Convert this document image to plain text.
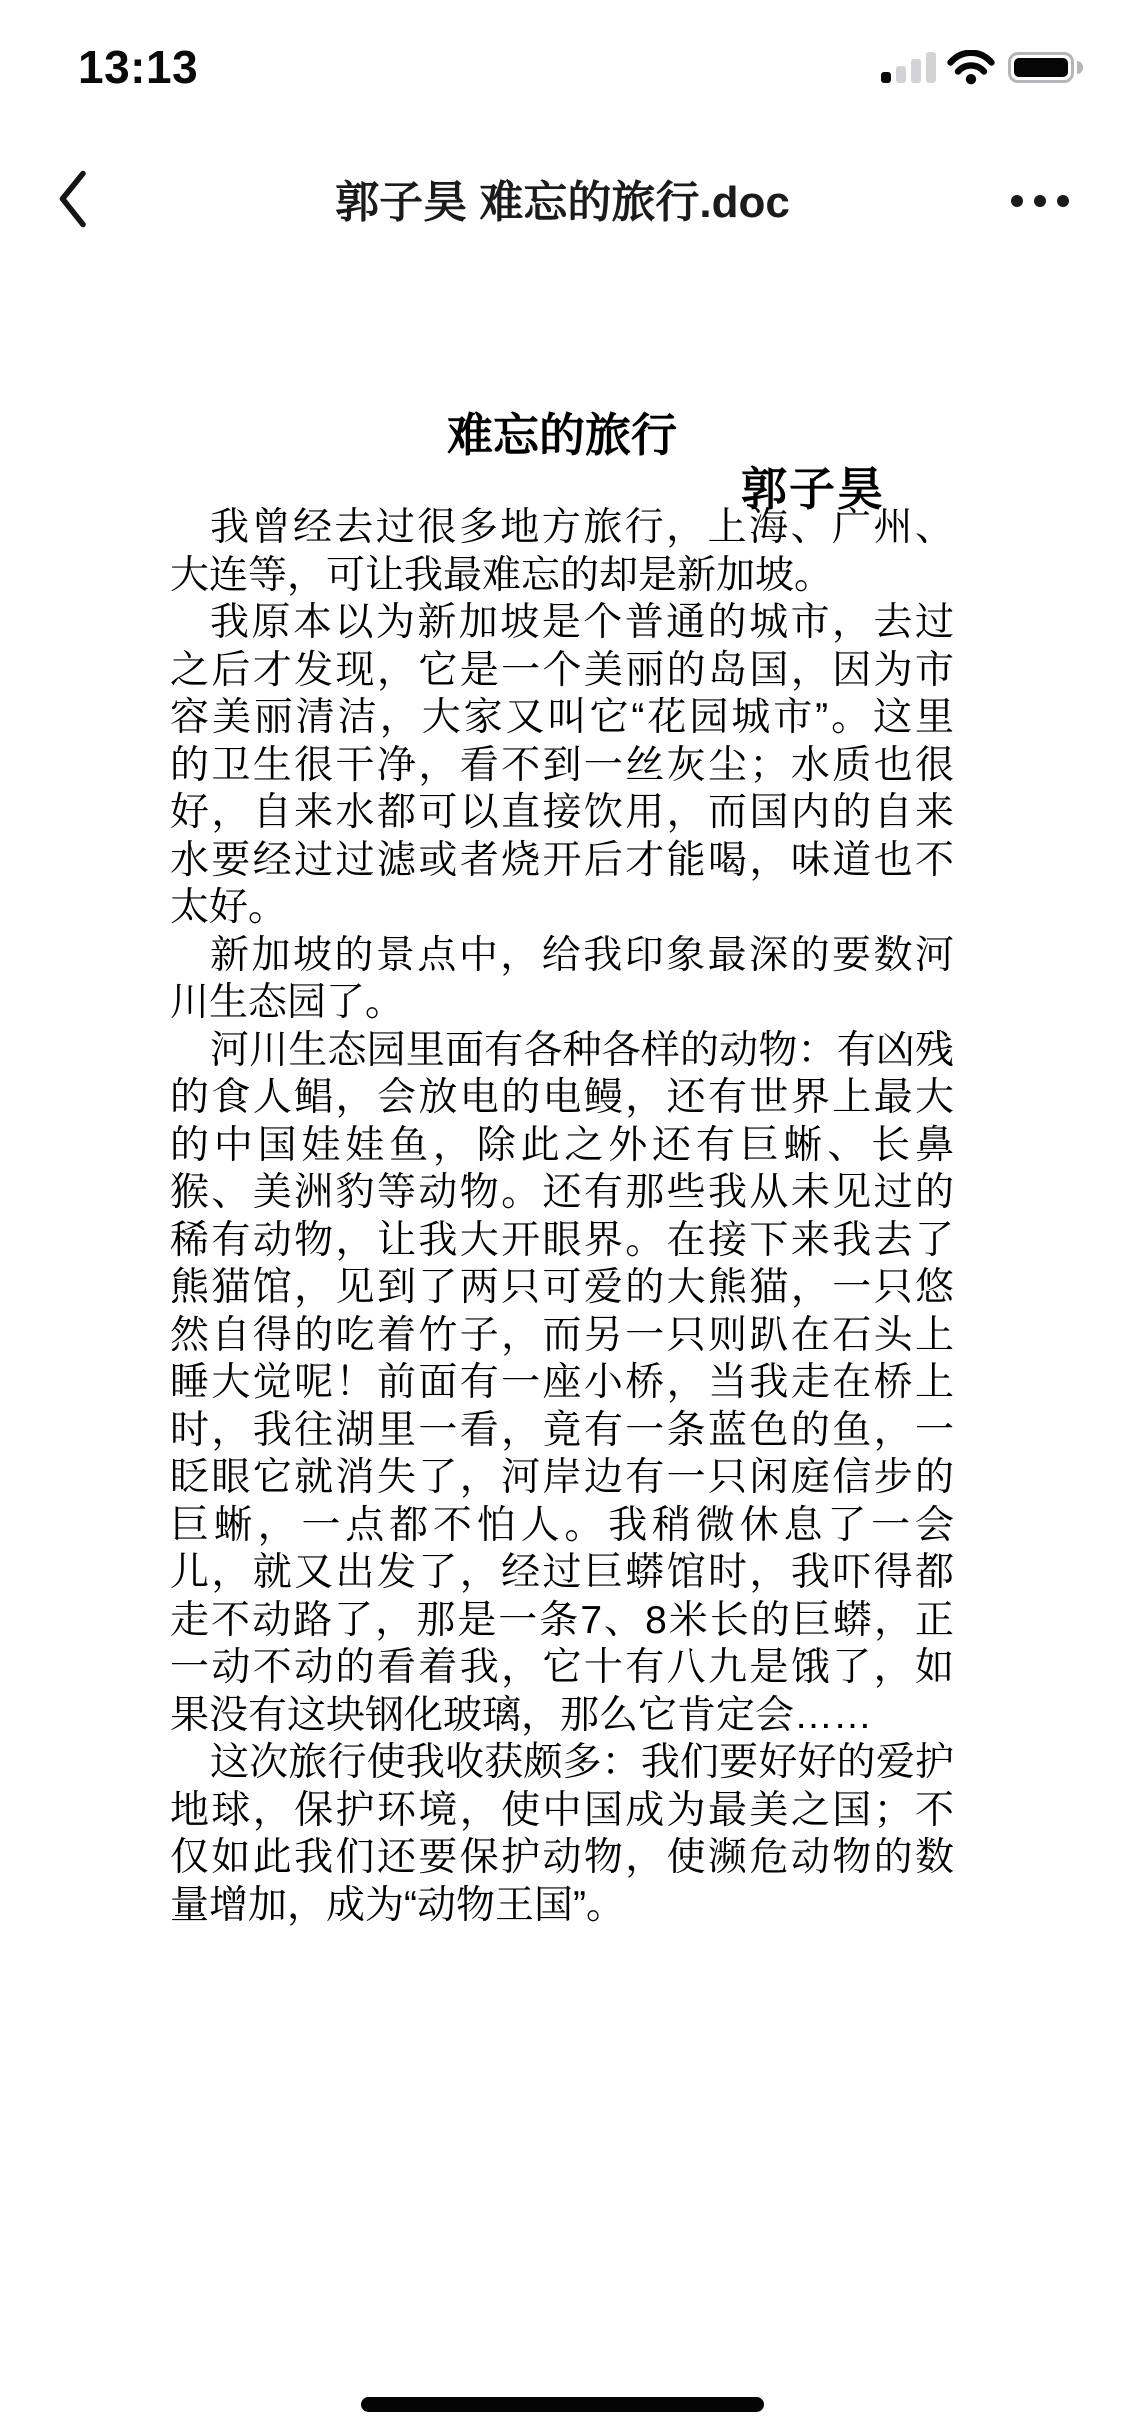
13:13
郭子昊 难忘的旅行.doc
难忘的旅行
郭子昊
我曾经去过很多地方旅行，上海、广州、
大连等，可让我最难忘的却是新加坡。
我原本以为新加坡是个普通的城市，去过
之后才发现，它是一个美丽的岛国，因为市
容美丽清洁，大家又叫它“花园城市”。这里
的卫生很干净，看不到一丝灰尘；水质也很
好，自来水都可以直接饮用，而国内的自来
水要经过过滤或者烧开后才能喝，味道也不
太好。
新加坡的景点中，给我印象最深的要数河
川生态园了。
河川生态园里面有各种各样的动物：有凶残
的食人鲳，会放电的电鳗，还有世界上最大
的中国娃娃鱼，除此之外还有巨蜥、长鼻
猴、美洲豹等动物。还有那些我从未见过的
稀有动物，让我大开眼界。在接下来我去了
熊猫馆，见到了两只可爱的大熊猫，一只悠
然自得的吃着竹子，而另一只则趴在石头上
睡大觉呢！前面有一座小桥，当我走在桥上
时，我往湖里一看，竟有一条蓝色的鱼，一
眨眼它就消失了，河岸边有一只闲庭信步的
巨蜥，一点都不怕人。我稍微休息了一会
儿，就又出发了，经过巨蟒馆时，我吓得都
走不动路了，那是一条7、8米长的巨蟒，正
一动不动的看着我，它十有八九是饿了，如
果没有这块钢化玻璃，那么它肯定会……
这次旅行使我收获颇多：我们要好好的爱护
地球，保护环境，使中国成为最美之国；不
仅如此我们还要保护动物，使濒危动物的数
量增加，成为“动物王国”。
